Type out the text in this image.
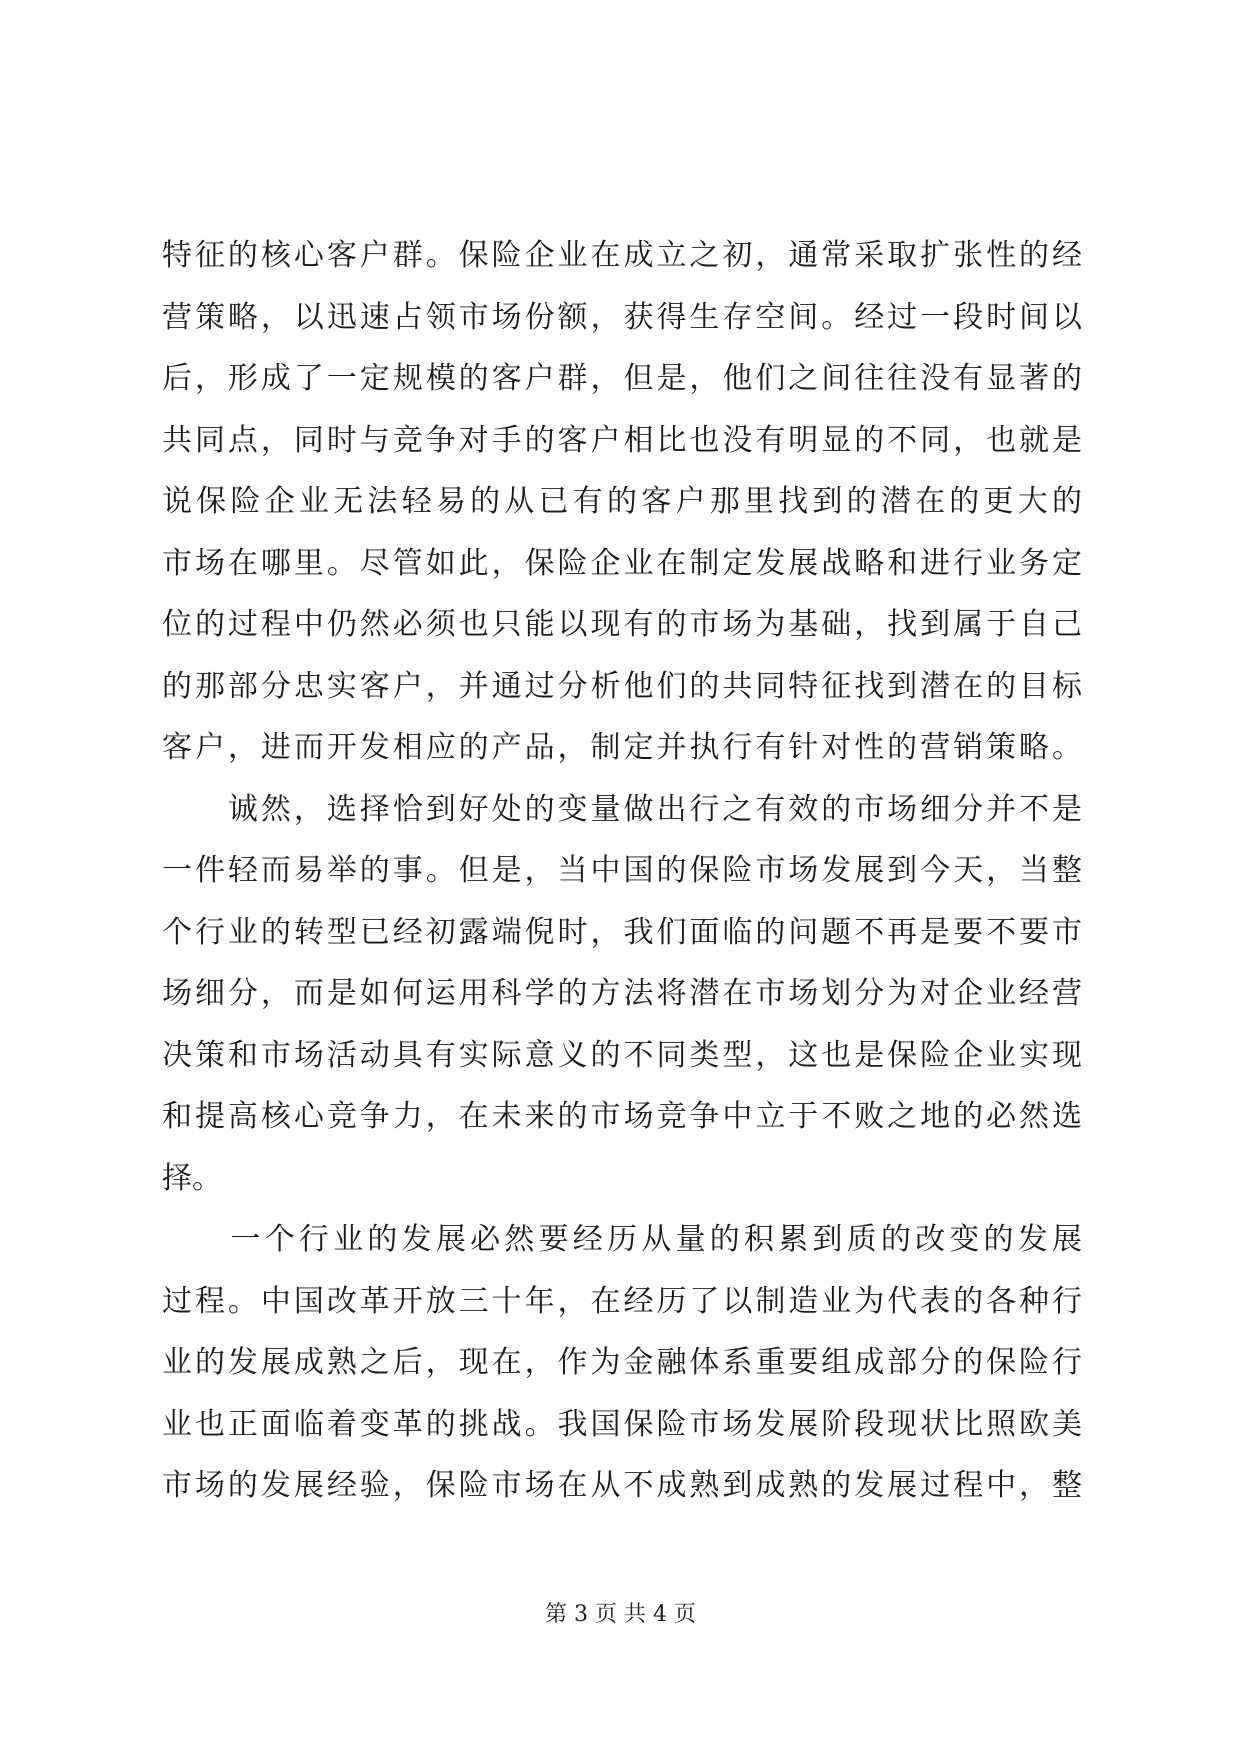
特征的核心客户群。保险企业在成立之初，通常采取扩张性的经
营策略，以迅速占领市场份额，获得生存空间。经过一段时间以
后，形成了一定规模的客户群，但是，他们之间往往没有显著的
共同点，同时与竞争对手的客户相比也没有明显的不同，也就是
说保险企业无法轻易的从已有的客户那里找到的潜在的更大的
市场在哪里。尽管如此，保险企业在制定发展战略和进行业务定
位的过程中仍然必须也只能以现有的市场为基础，找到属于自己
的那部分忠实客户，并通过分析他们的共同特征找到潜在的目标
客户，进而开发相应的产品，制定并执行有针对性的营销策略。
　　诚然，选择恰到好处的变量做出行之有效的市场细分并不是
一件轻而易举的事。但是，当中国的保险市场发展到今天，当整
个行业的转型已经初露端倪时，我们面临的问题不再是要不要市
场细分，而是如何运用科学的方法将潜在市场划分为对企业经营
决策和市场活动具有实际意义的不同类型，这也是保险企业实现
和提高核心竞争力，在未来的市场竞争中立于不败之地的必然选
择。
　　一个行业的发展必然要经历从量的积累到质的改变的发展
过程。中国改革开放三十年，在经历了以制造业为代表的各种行
业的发展成熟之后，现在，作为金融体系重要组成部分的保险行
业也正面临着变革的挑战。我国保险市场发展阶段现状比照欧美
市场的发展经验，保险市场在从不成熟到成熟的发展过程中，整
第 3 页 共 4 页
